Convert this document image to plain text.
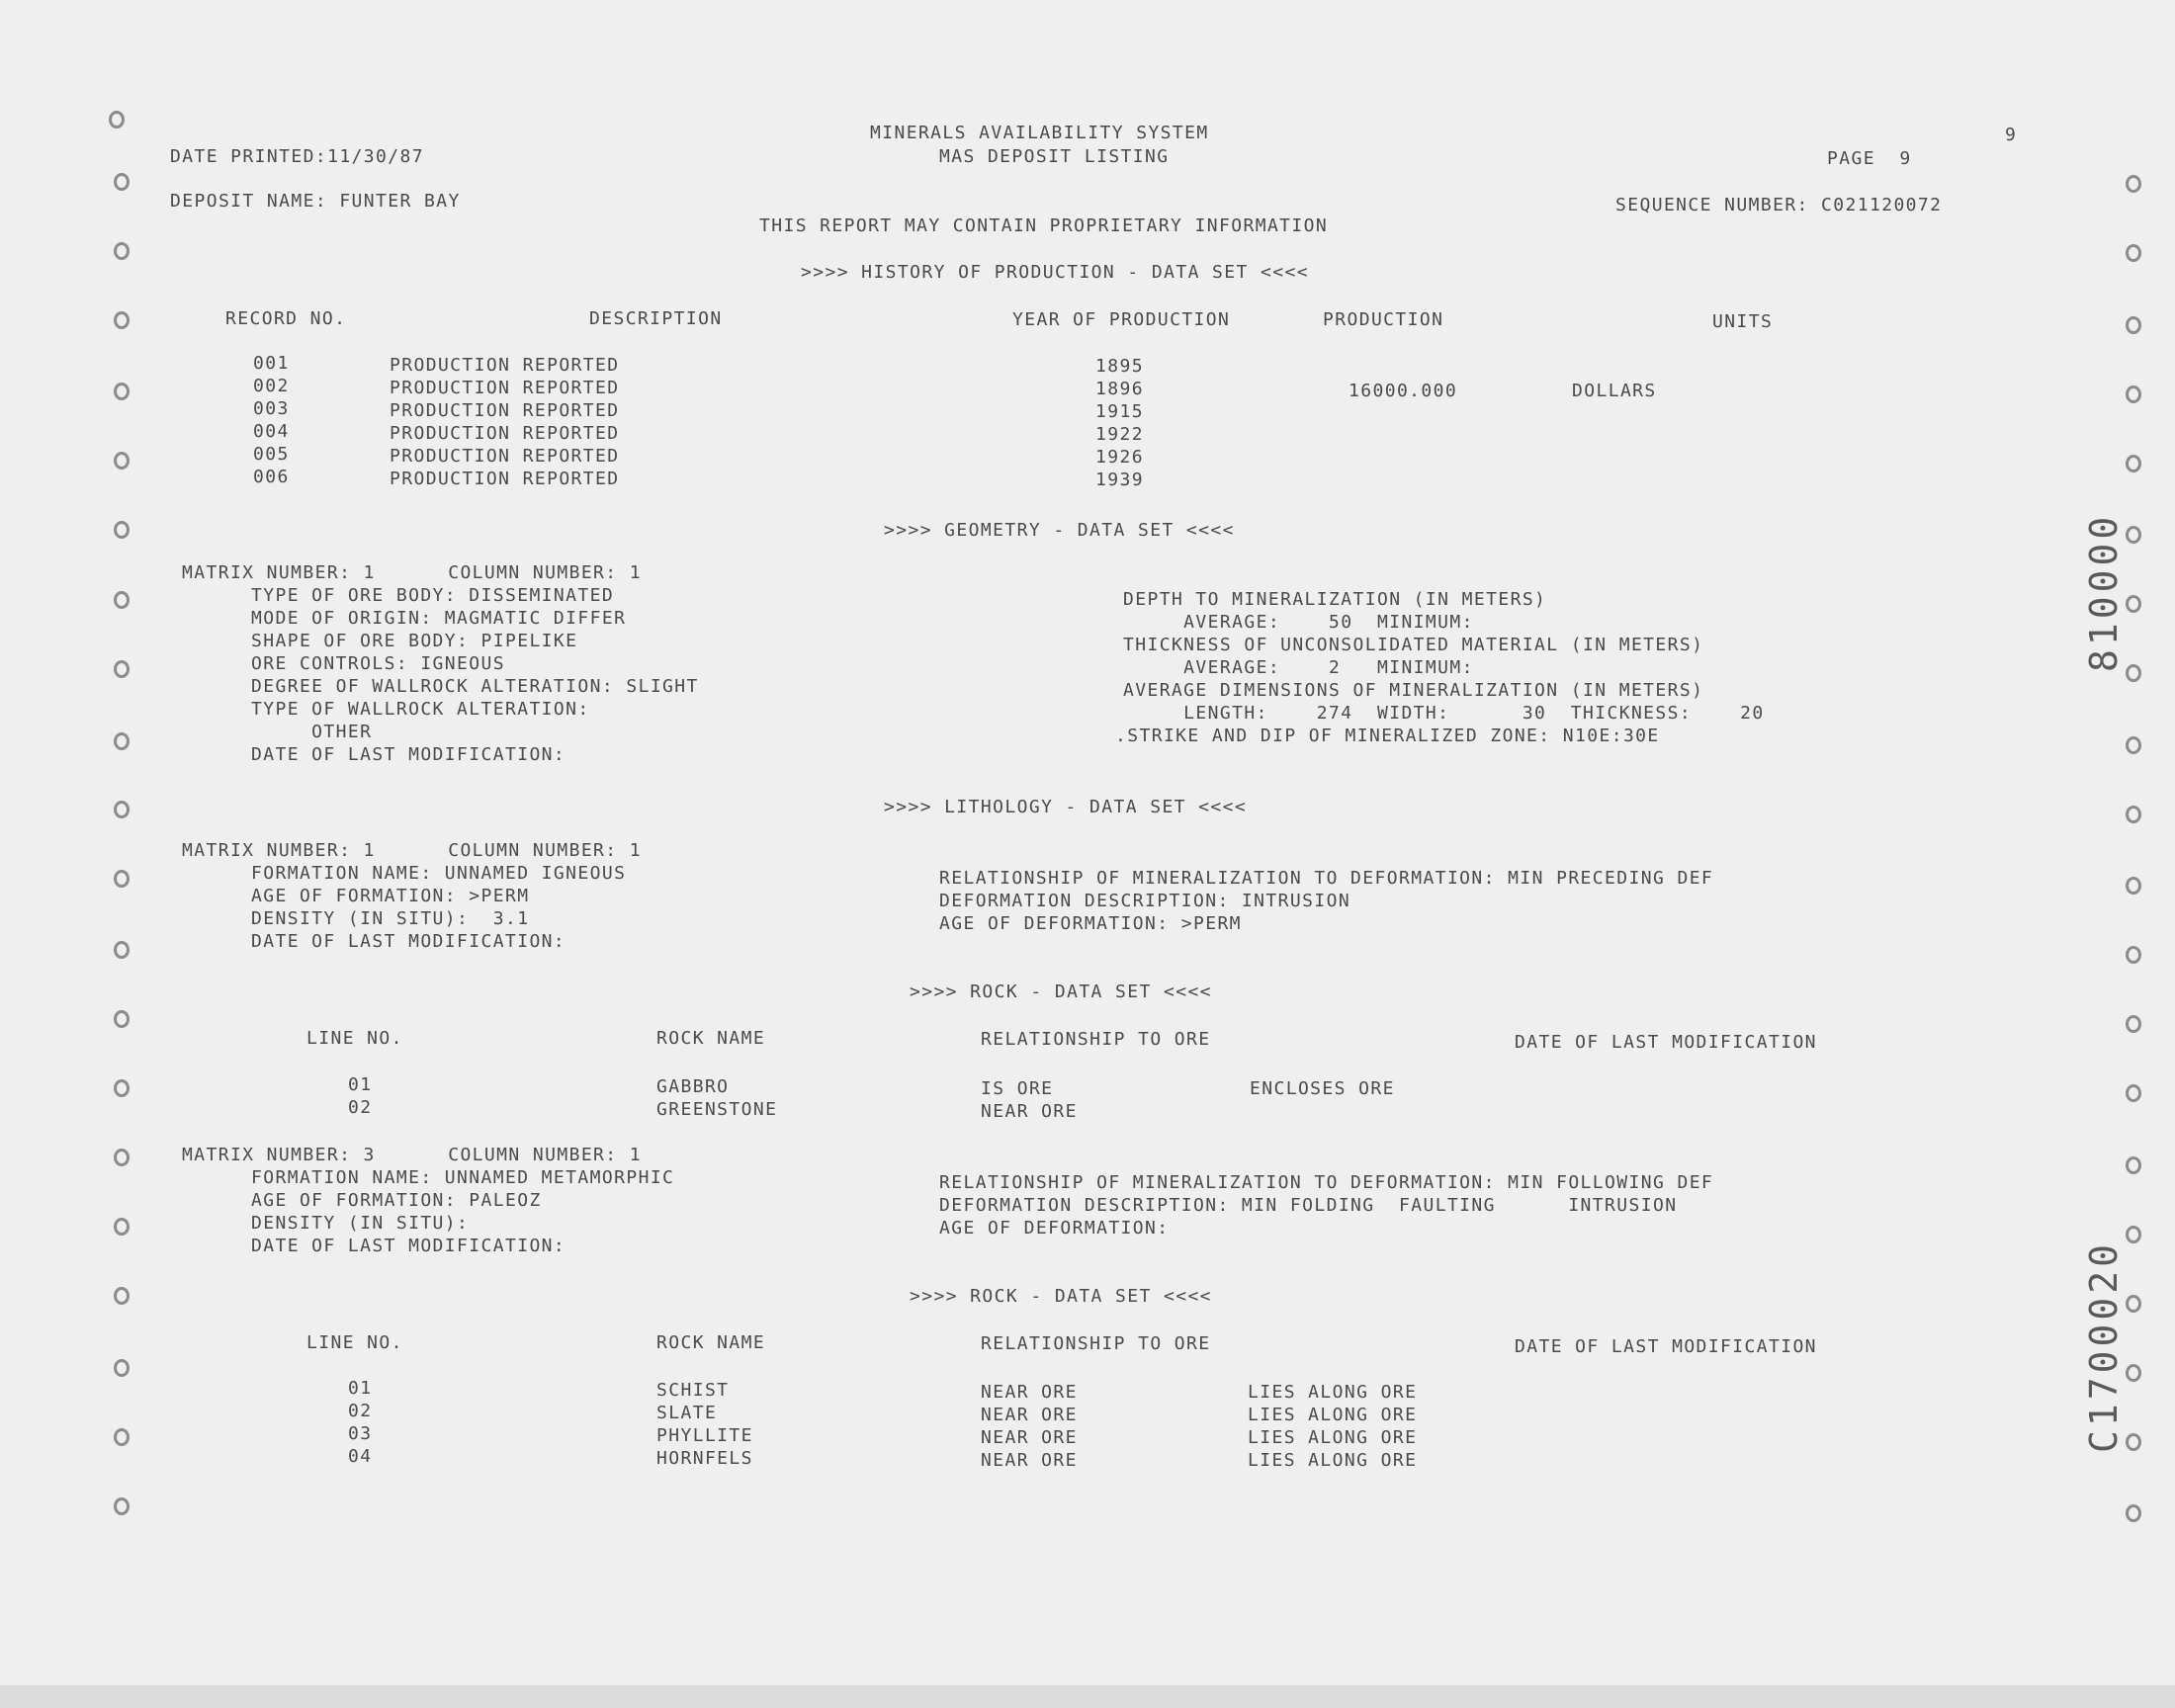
810000
C1700020
MINERALS AVAILABILITY SYSTEM	9
DATE PRINTED:11/30/87	MAS DEPOSIT LISTING	PAGE  9
DEPOSIT NAME: FUNTER BAY	SEQUENCE NUMBER: C021120072
THIS REPORT MAY CONTAIN PROPRIETARY INFORMATION
>>>> HISTORY OF PRODUCTION - DATA SET <<<<
RECORD NO.	DESCRIPTION	YEAR OF PRODUCTION	PRODUCTION	UNITS
001	PRODUCTION REPORTED	1895
002	PRODUCTION REPORTED	1896	16000.000	DOLLARS
003	PRODUCTION REPORTED	1915
004	PRODUCTION REPORTED	1922
005	PRODUCTION REPORTED	1926
006	PRODUCTION REPORTED	1939
>>>> GEOMETRY - DATA SET <<<<
MATRIX NUMBER: 1      COLUMN NUMBER: 1
TYPE OF ORE BODY: DISSEMINATED
MODE OF ORIGIN: MAGMATIC DIFFER
SHAPE OF ORE BODY: PIPELIKE
ORE CONTROLS: IGNEOUS
DEGREE OF WALLROCK ALTERATION: SLIGHT
TYPE OF WALLROCK ALTERATION:
OTHER
DATE OF LAST MODIFICATION:
DEPTH TO MINERALIZATION (IN METERS)
AVERAGE:    50  MINIMUM:
THICKNESS OF UNCONSOLIDATED MATERIAL (IN METERS)
AVERAGE:    2   MINIMUM:
AVERAGE DIMENSIONS OF MINERALIZATION (IN METERS)
LENGTH:    274  WIDTH:      30  THICKNESS:    20
.STRIKE AND DIP OF MINERALIZED ZONE: N10E:30E
>>>> LITHOLOGY - DATA SET <<<<
MATRIX NUMBER: 1      COLUMN NUMBER: 1
FORMATION NAME: UNNAMED IGNEOUS
AGE OF FORMATION: >PERM
DENSITY (IN SITU):  3.1
DATE OF LAST MODIFICATION:
RELATIONSHIP OF MINERALIZATION TO DEFORMATION: MIN PRECEDING DEF
DEFORMATION DESCRIPTION: INTRUSION
AGE OF DEFORMATION: >PERM
>>>> ROCK - DATA SET <<<<
LINE NO.	ROCK NAME	RELATIONSHIP TO ORE	DATE OF LAST MODIFICATION
01	GABBRO	IS ORE	ENCLOSES ORE
02	GREENSTONE	NEAR ORE
MATRIX NUMBER: 3      COLUMN NUMBER: 1
FORMATION NAME: UNNAMED METAMORPHIC
AGE OF FORMATION: PALEOZ
DENSITY (IN SITU):
DATE OF LAST MODIFICATION:
RELATIONSHIP OF MINERALIZATION TO DEFORMATION: MIN FOLLOWING DEF
DEFORMATION DESCRIPTION: MIN FOLDING  FAULTING      INTRUSION
AGE OF DEFORMATION:
>>>> ROCK - DATA SET <<<<
LINE NO.	ROCK NAME	RELATIONSHIP TO ORE	DATE OF LAST MODIFICATION
01	SCHIST	NEAR ORE	LIES ALONG ORE
02	SLATE	NEAR ORE	LIES ALONG ORE
03	PHYLLITE	NEAR ORE	LIES ALONG ORE
04	HORNFELS	NEAR ORE	LIES ALONG ORE
